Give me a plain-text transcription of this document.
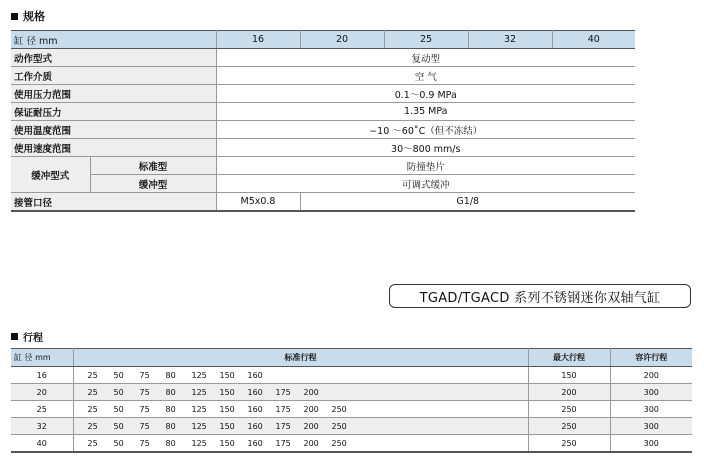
规格
缸 径 mm		16	20	25	32	40
动作型式		复动型				
工作介质		空 气				
使用压力范围		0.1～0.9 MPa				
保证耐压力		1.35 MPa				
使用温度范围		−10 ～60˚C（但不冻结）				
使用速度范围		30～800 mm/s				
缓冲型式	标准型	防撞垫片				
	缓冲型	可调式缓冲				
接管口径		M5x0.8	G1/8			
TGAD/TGACD 系列不锈钢迷你双轴气缸
行程
缸 径 mm	标准行程	最大行程	容许行程
16	25 50 75 80 125 150 160	150	200
20	25 50 75 80 125 150 160 175 200	200	300
25	25 50 75 80 125 150 160 175 200 250	250	300
32	25 50 75 80 125 150 160 175 200 250	250	300
40	25 50 75 80 125 150 160 175 200 250	250	300
